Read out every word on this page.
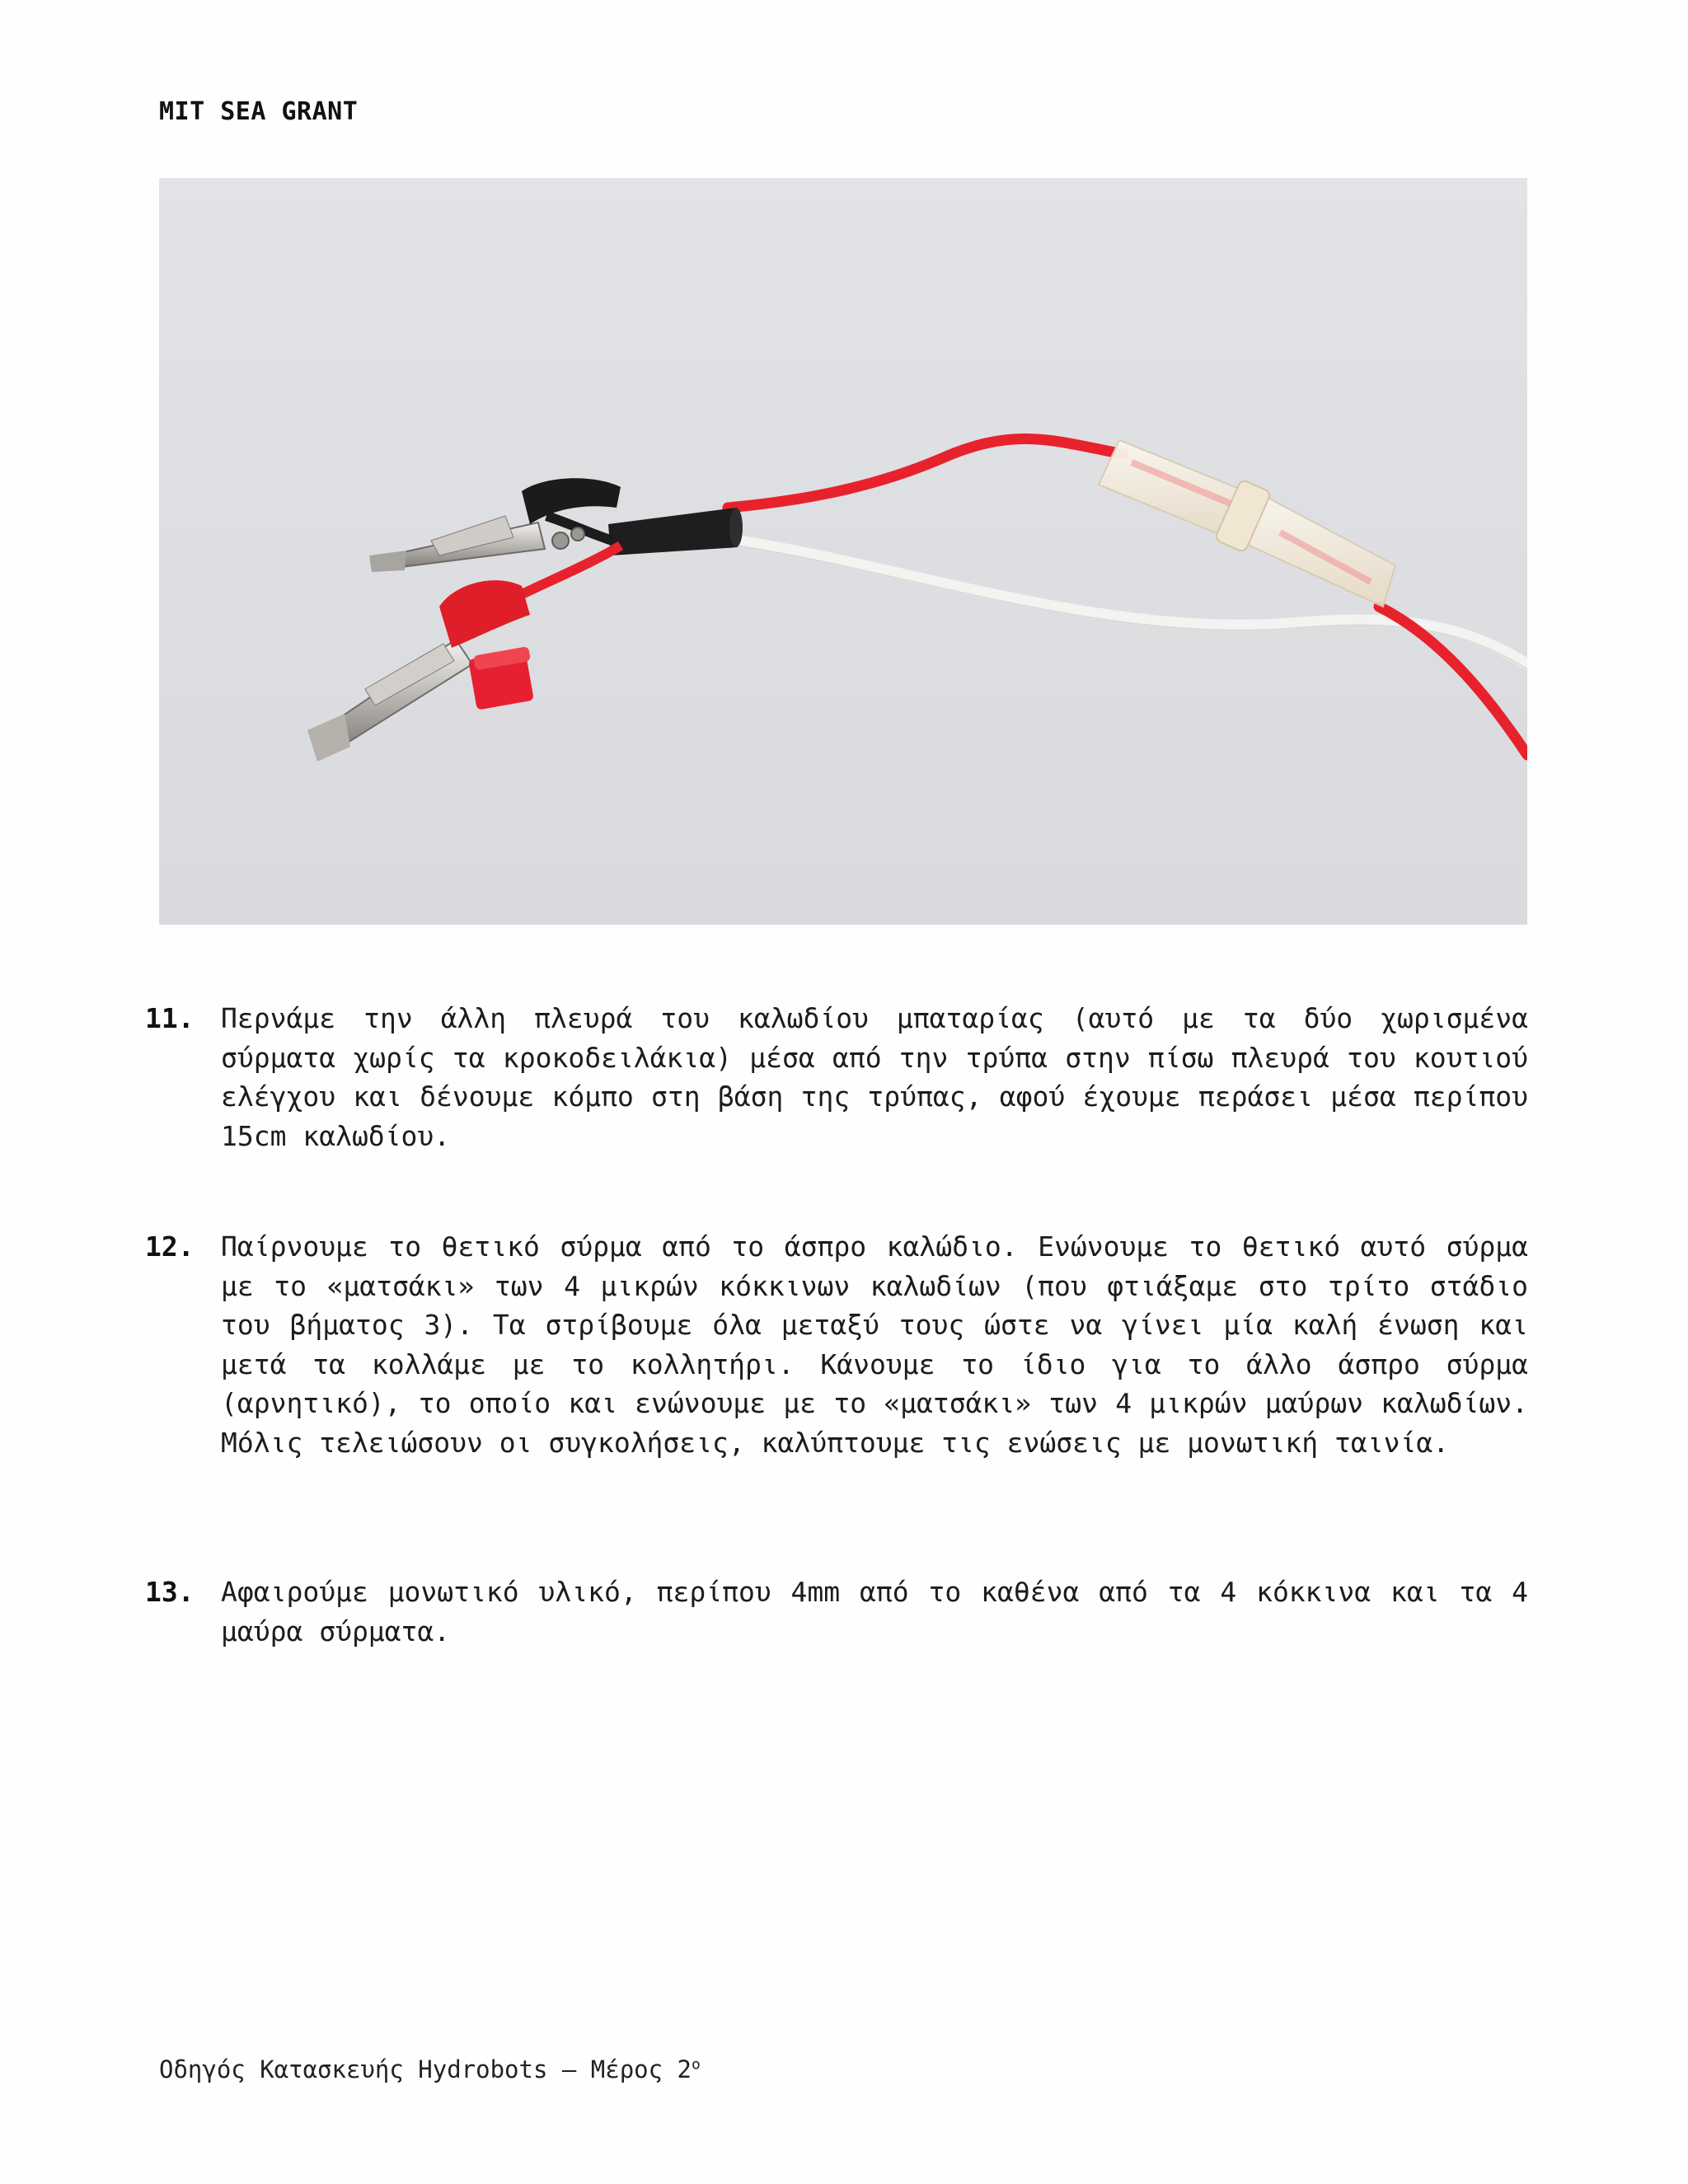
MIT SEA GRANT
11. Περνάμε την άλλη πλευρά του καλωδίου μπαταρίας (αυτό με τα δύο χωρισμένα σύρματα χωρίς τα κροκοδειλάκια) μέσα από την τρύπα στην πίσω πλευρά του κουτιού ελέγχου και δένουμε κόμπο στη βάση της τρύπας, αφού έχουμε περάσει μέσα περίπου 15cm καλωδίου.
12. Παίρνουμε το θετικό σύρμα από το άσπρο καλώδιο. Ενώνουμε το θετικό αυτό σύρμα με το «ματσάκι» των 4 μικρών κόκκινων καλωδίων (που φτιάξαμε στο τρίτο στάδιο του βήματος 3). Τα στρίβουμε όλα μεταξύ τους ώστε να γίνει μία καλή ένωση και μετά τα κολλάμε με το κολλητήρι. Κάνουμε το ίδιο για το άλλο άσπρο σύρμα (αρνητικό), το οποίο και ενώνουμε με το «ματσάκι» των 4 μικρών μαύρων καλωδίων. Μόλις τελειώσουν οι συγκολήσεις, καλύπτουμε τις ενώσεις με μονωτική ταινία.
13. Αφαιρούμε μονωτικό υλικό, περίπου 4mm από το καθένα από τα 4 κόκκινα και τα 4 μαύρα σύρματα.
Οδηγός Κατασκευής Hydrobots – Μέρος $2^o$
